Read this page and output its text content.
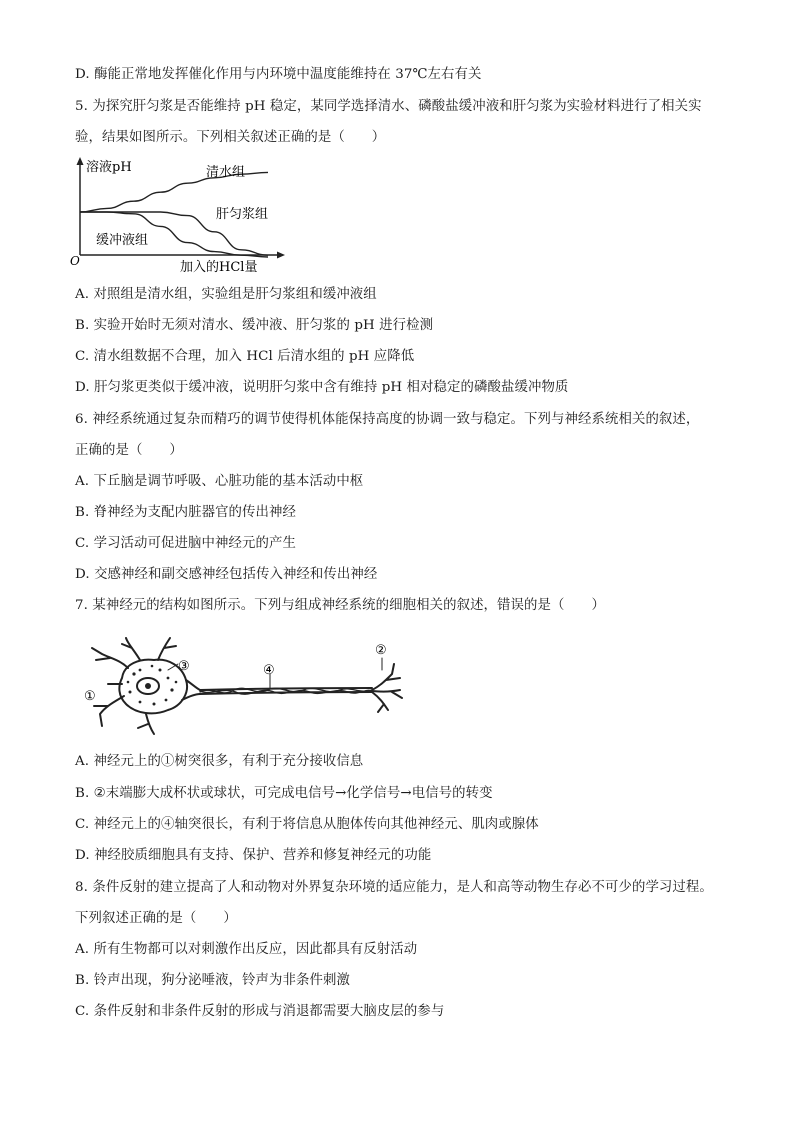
D. 酶能正常地发挥催化作用与内环境中温度能维持在 37℃左右有关
5. 为探究肝匀浆是否能维持 pH 稳定，某同学选择清水、磷酸盐缓冲液和肝匀浆为实验材料进行了相关实
验，结果如图所示。下列相关叙述正确的是（　　）
溶液pH
加入的HCl量
O
清水组
肝匀浆组
缓冲液组
A. 对照组是清水组，实验组是肝匀浆组和缓冲液组
B. 实验开始时无须对清水、缓冲液、肝匀浆的 pH 进行检测
C. 清水组数据不合理，加入 HCl 后清水组的 pH 应降低
D. 肝匀浆更类似于缓冲液，说明肝匀浆中含有维持 pH 相对稳定的磷酸盐缓冲物质
6. 神经系统通过复杂而精巧的调节使得机体能保持高度的协调一致与稳定。下列与神经系统相关的叙述，
正确的是（　　）
A. 下丘脑是调节呼吸、心脏功能的基本活动中枢
B. 脊神经为支配内脏器官的传出神经
C. 学习活动可促进脑中神经元的产生
D. 交感神经和副交感神经包括传入神经和传出神经
7. 某神经元的结构如图所示。下列与组成神经系统的细胞相关的叙述，错误的是（　　）
①
②
③	④
A. 神经元上的①树突很多，有利于充分接收信息
B. ②末端膨大成杯状或球状，可完成电信号→化学信号→电信号的转变
C. 神经元上的④轴突很长，有利于将信息从胞体传向其他神经元、肌肉或腺体
D. 神经胶质细胞具有支持、保护、营养和修复神经元的功能
8. 条件反射的建立提高了人和动物对外界复杂环境的适应能力，是人和高等动物生存必不可少的学习过程。
下列叙述正确的是（　　）
A. 所有生物都可以对刺激作出反应，因此都具有反射活动
B. 铃声出现，狗分泌唾液，铃声为非条件刺激
C. 条件反射和非条件反射的形成与消退都需要大脑皮层的参与
